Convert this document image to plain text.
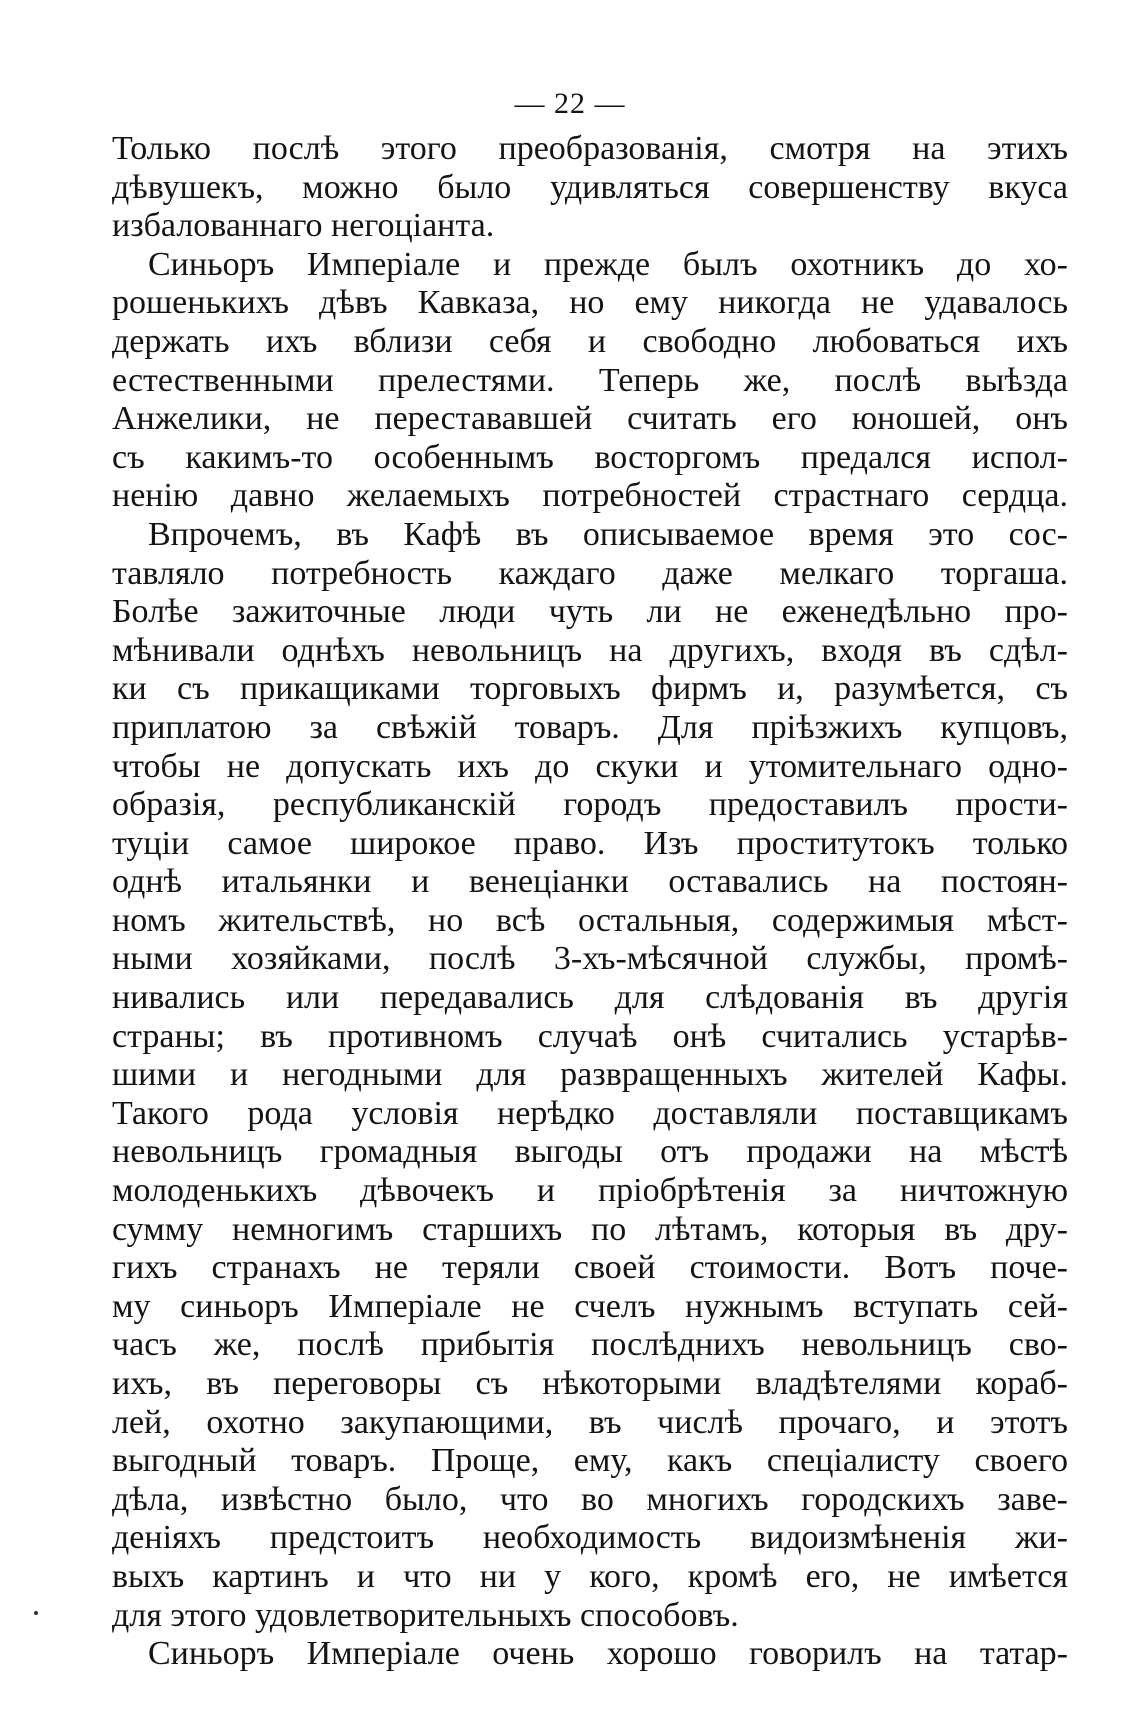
— 22 —
Только послѣ этого преобразованія, смотря на этихъ
дѣвушекъ, можно было удивляться совершенству вкуса
избалованнаго негоціанта.
Синьоръ Имперіале и прежде былъ охотникъ до хо-
рошенькихъ дѣвъ Кавказа, но ему никогда не удавалось
держать ихъ вблизи себя и свободно любоваться ихъ
естественными прелестями. Теперь же, послѣ выѣзда
Анжелики, не перестававшей считать его юношей, онъ
съ какимъ-то особеннымъ восторгомъ предался испол-
ненію давно желаемыхъ потребностей страстнаго сердца.
Впрочемъ, въ Кафѣ въ описываемое время это сос-
тавляло потребность каждаго даже мелкаго торгаша.
Болѣе зажиточные люди чуть ли не еженедѣльно про-
мѣнивали однѣхъ невольницъ на другихъ, входя въ сдѣл-
ки съ прикащиками торговыхъ фирмъ и, разумѣется, съ
приплатою за свѣжій товаръ. Для пріѣзжихъ купцовъ,
чтобы не допускать ихъ до скуки и утомительнаго одно-
образія, республиканскій городъ предоставилъ прости-
туціи самое широкое право. Изъ проститутокъ только
однѣ итальянки и венеціанки оставались на постоян-
номъ жительствѣ, но всѣ остальныя, содержимыя мѣст-
ными хозяйками, послѣ 3-хъ-мѣсячной службы, промѣ-
нивались или передавались для слѣдованія въ другія
страны; въ противномъ случаѣ онѣ считались устарѣв-
шими и негодными для развращенныхъ жителей Кафы.
Такого рода условія нерѣдко доставляли поставщикамъ
невольницъ громадныя выгоды отъ продажи на мѣстѣ
молоденькихъ дѣвочекъ и пріобрѣтенія за ничтожную
сумму немногимъ старшихъ по лѣтамъ, которыя въ дру-
гихъ странахъ не теряли своей стоимости. Вотъ поче-
му синьоръ Имперіале не счелъ нужнымъ вступать сей-
часъ же, послѣ прибытія послѣднихъ невольницъ сво-
ихъ, въ переговоры съ нѣкоторыми владѣтелями кораб-
лей, охотно закупающими, въ числѣ прочаго, и этотъ
выгодный товаръ. Проще, ему, какъ спеціалисту своего
дѣла, извѣстно было, что во многихъ городскихъ заве-
деніяхъ предстоитъ необходимость видоизмѣненія жи-
выхъ картинъ и что ни у кого, кромѣ его, не имѣется
для этого удовлетворительныхъ способовъ.
Синьоръ Имперіале очень хорошо говорилъ на татар-
